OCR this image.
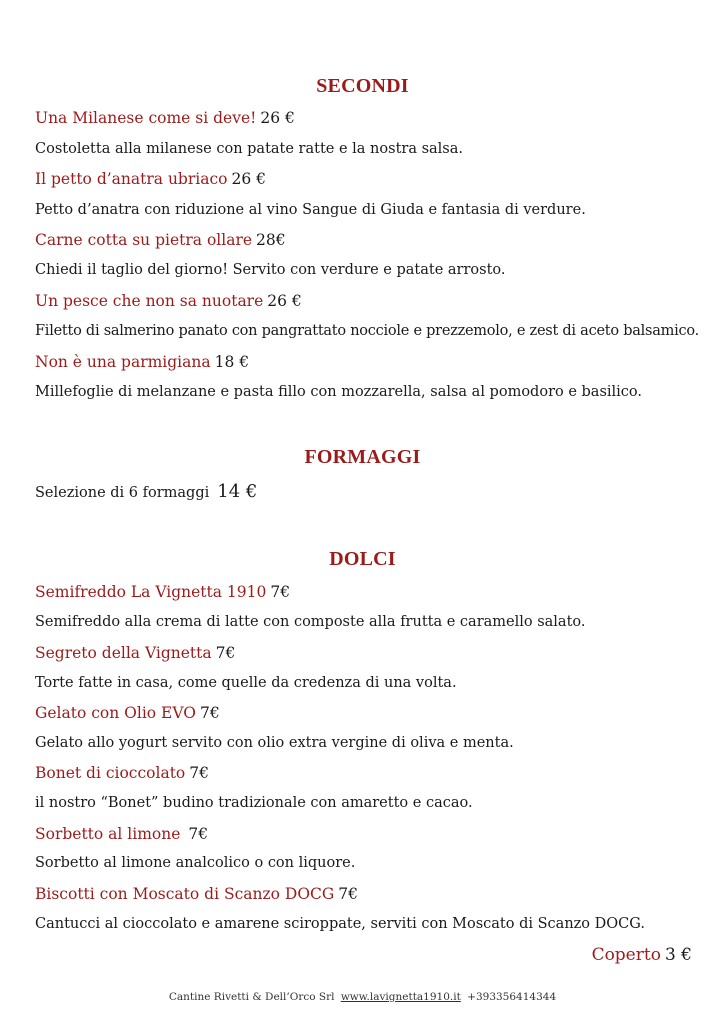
SECONDI
Una Milanese come si deve! 26 €
Costoletta alla milanese con patate ratte e la nostra salsa.
Il petto d’anatra ubriaco 26 €
Petto d’anatra con riduzione al vino Sangue di Giuda e fantasia di verdure.
Carne cotta su pietra ollare 28€
Chiedi il taglio del giorno! Servito con verdure e patate arrosto.
Un pesce che non sa nuotare 26 €
Filetto di salmerino panato con pangrattato nocciole e prezzemolo, e zest di aceto balsamico.
Non è una parmigiana 18 €
Millefoglie di melanzane e pasta fillo con mozzarella, salsa al pomodoro e basilico.
FORMAGGI
Selezione di 6 formaggi 14 €
DOLCI
Semifreddo La Vignetta 1910 7€
Semifreddo alla crema di latte con composte alla frutta e caramello salato.
Segreto della Vignetta 7€
Torte fatte in casa, come quelle da credenza di una volta.
Gelato con Olio EVO 7€
Gelato allo yogurt servito con olio extra vergine di oliva e menta.
Bonet di cioccolato 7€
il nostro “Bonet” budino tradizionale con amaretto e cacao.
Sorbetto al limone 7€
Sorbetto al limone analcolico o con liquore.
Biscotti con Moscato di Scanzo DOCG 7€
Cantucci al cioccolato e amarene sciroppate, serviti con Moscato di Scanzo DOCG.
Coperto 3 €
Cantine Rivetti & Dell’Orco Srl www.lavignetta1910.it +393356414344
